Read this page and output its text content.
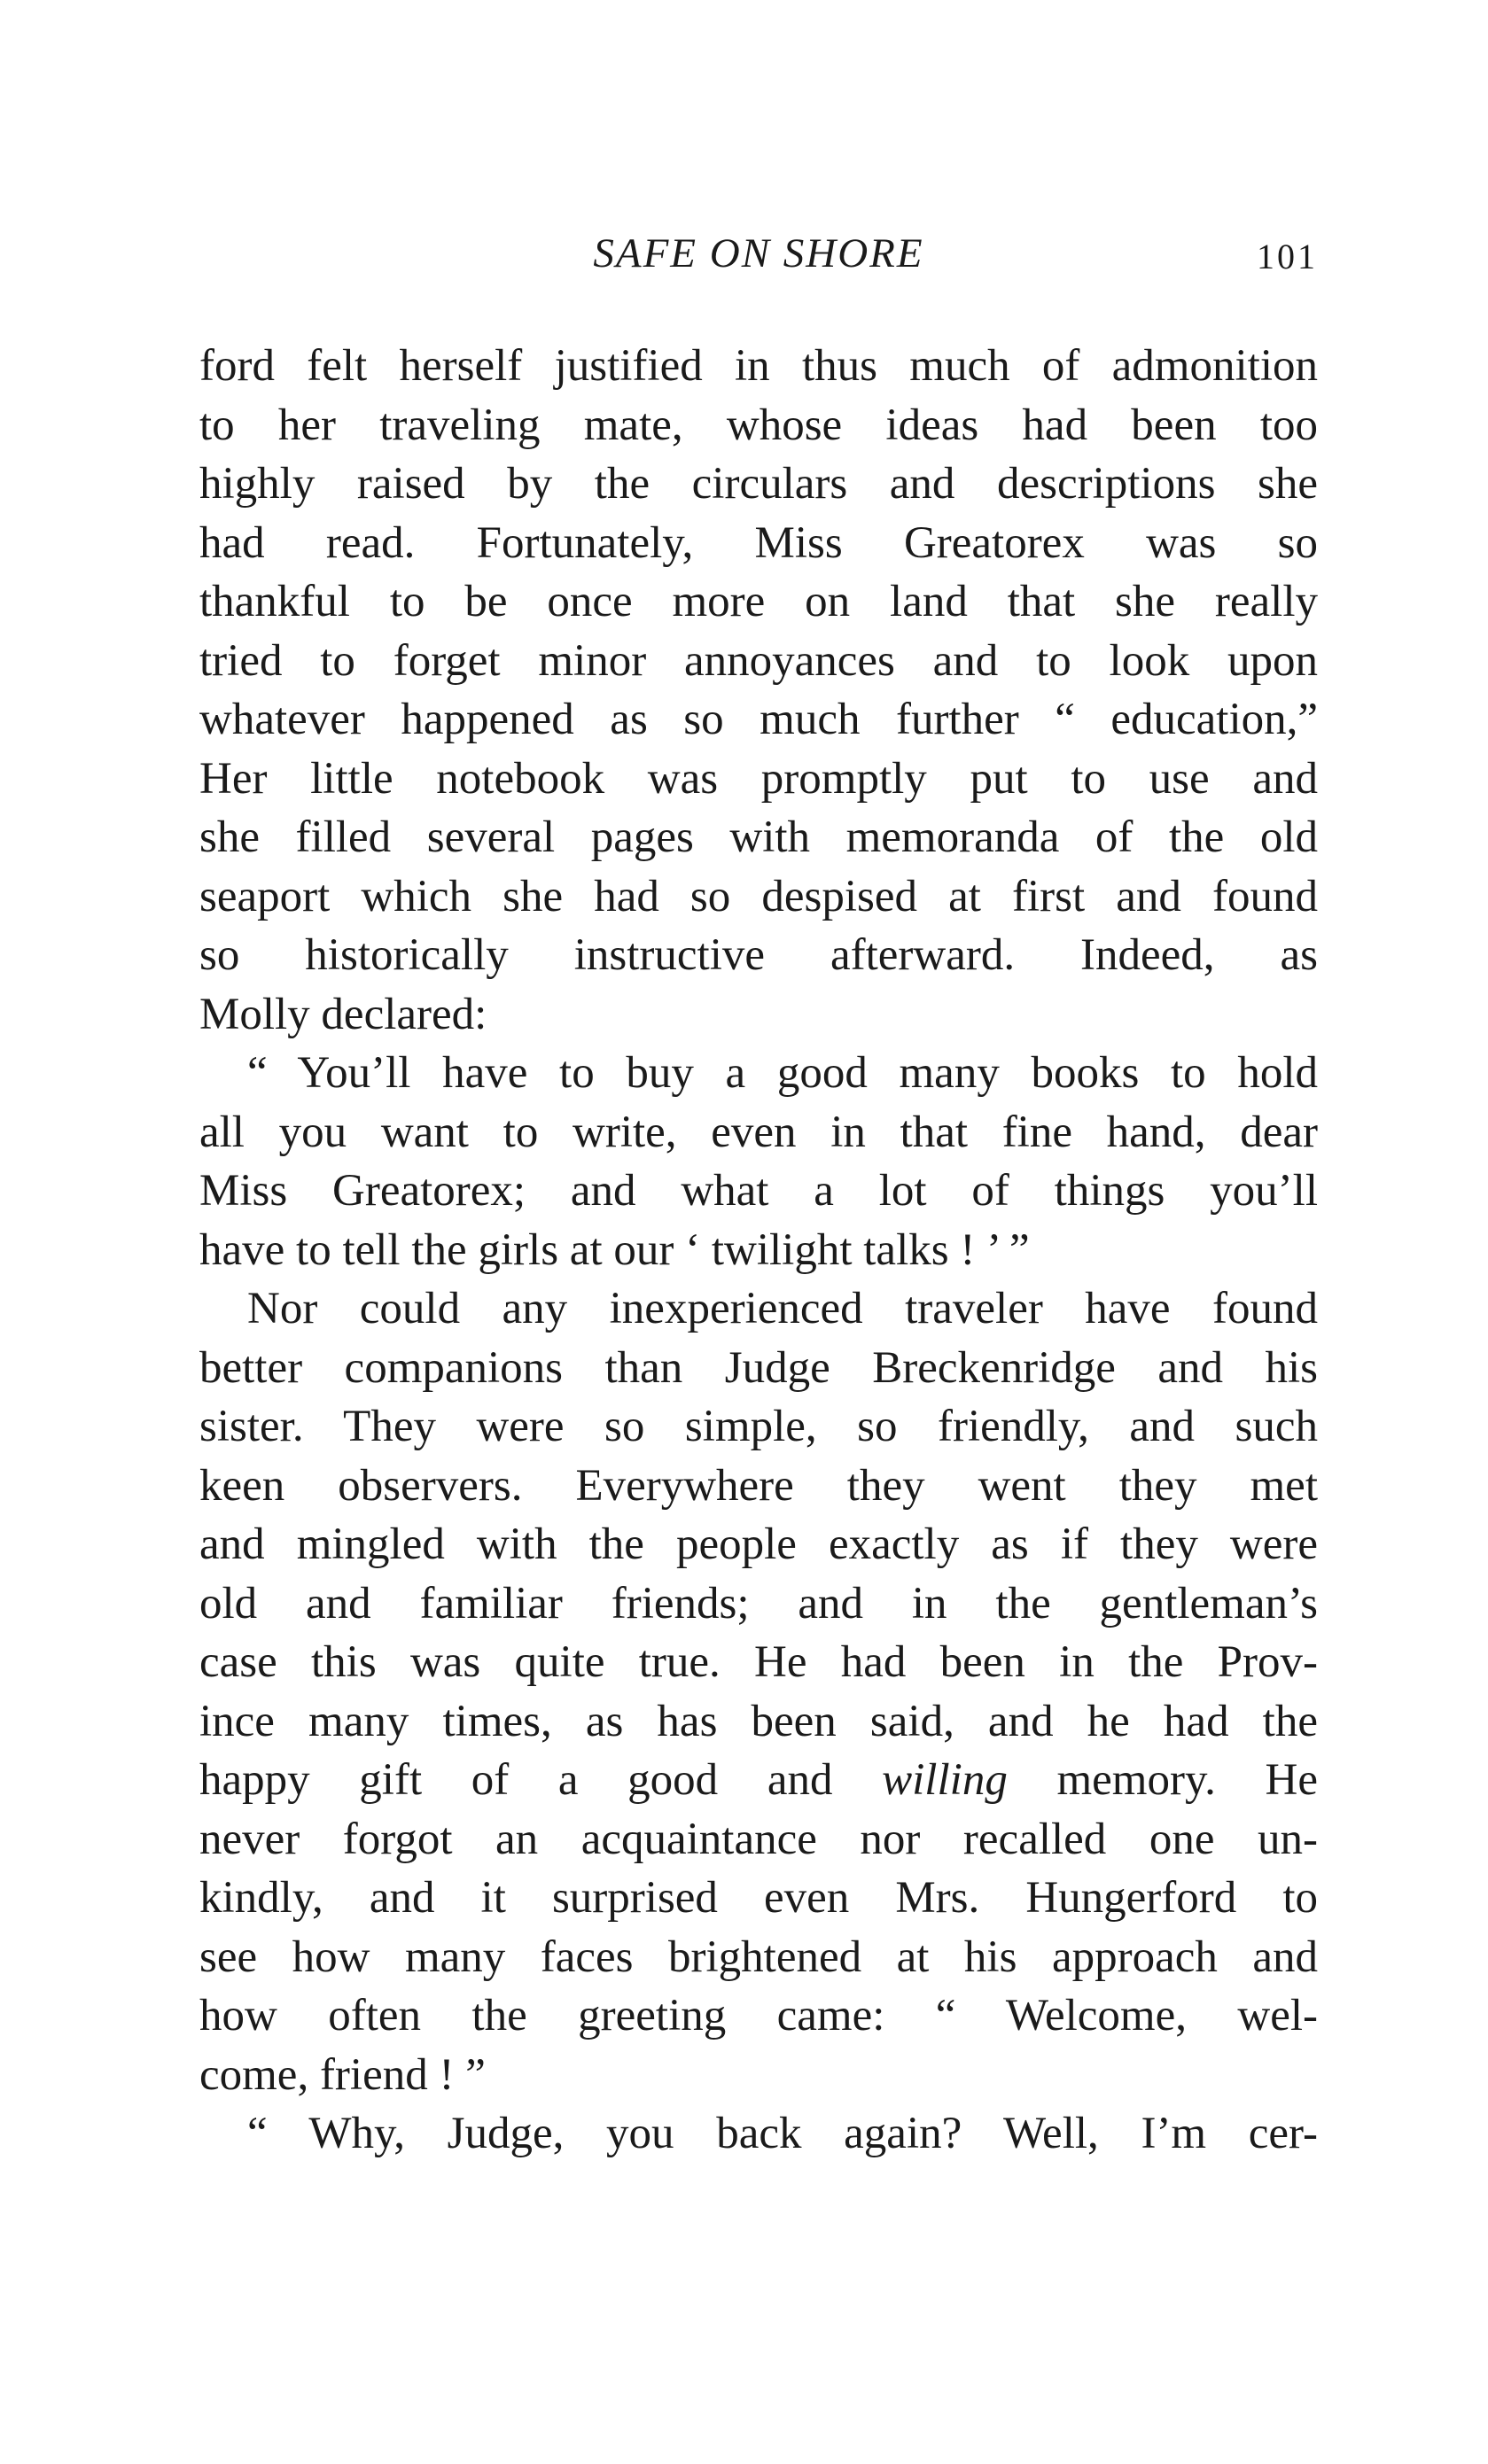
SAFE ON SHORE	101
ford felt herself justified in thus much of admonition
to her traveling mate, whose ideas had been too
highly raised by the circulars and descriptions she
had read. Fortunately, Miss Greatorex was so
thankful to be once more on land that she really
tried to forget minor annoyances and to look upon
whatever happened as so much further “ education,”
Her little notebook was promptly put to use and
she filled several pages with memoranda of the old
seaport which she had so despised at first and found
so historically instructive afterward. Indeed, as
Molly declared:
“ You’ll have to buy a good many books to hold
all you want to write, even in that fine hand, dear
Miss Greatorex; and what a lot of things you’ll
have to tell the girls at our ‘ twilight talks ! ’ ”
Nor could any inexperienced traveler have found
better companions than Judge Breckenridge and his
sister. They were so simple, so friendly, and such
keen observers. Everywhere they went they met
and mingled with the people exactly as if they were
old and familiar friends; and in the gentleman’s
case this was quite true. He had been in the Prov-
ince many times, as has been said, and he had the
happy gift of a good and willing memory. He
never forgot an acquaintance nor recalled one un-
kindly, and it surprised even Mrs. Hungerford to
see how many faces brightened at his approach and
how often the greeting came: “ Welcome, wel-
come, friend ! ”
“ Why, Judge, you back again? Well, I’m cer-
